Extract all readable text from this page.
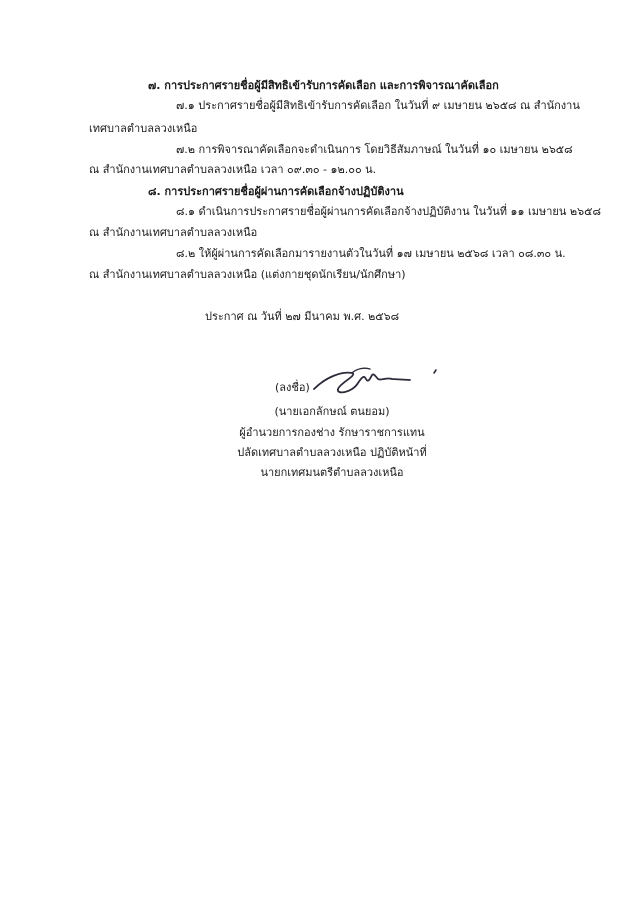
๗. การประกาศรายชื่อผู้มีสิทธิเข้ารับการคัดเลือก และการพิจารณาคัดเลือก
๗.๑ ประกาศรายชื่อผู้มีสิทธิเข้ารับการคัดเลือก ในวันที่ ๙ เมษายน ๒๖๕๘ ณ สำนักงาน
เทศบาลตำบลลวงเหนือ
๗.๒ การพิจารณาคัดเลือกจะดำเนินการ โดยวิธีสัมภาษณ์ ในวันที่ ๑๐ เมษายน ๒๖๕๘
ณ สำนักงานเทศบาลตำบลลวงเหนือ เวลา ๐๙.๓๐ - ๑๒.๐๐ น.
๘. การประกาศรายชื่อผู้ผ่านการคัดเลือกจ้างปฏิบัติงาน
๘.๑ ดำเนินการประกาศรายชื่อผู้ผ่านการคัดเลือกจ้างปฏิบัติงาน ในวันที่ ๑๑ เมษายน ๒๖๕๘
ณ สำนักงานเทศบาลตำบลลวงเหนือ
๘.๒ ให้ผู้ผ่านการคัดเลือกมารายงานตัวในวันที่ ๑๗ เมษายน ๒๕๖๘ เวลา ๐๘.๓๐ น.
ณ สำนักงานเทศบาลตำบลลวงเหนือ (แต่งกายชุดนักเรียน/นักศึกษา)
ประกาศ ณ วันที่ ๒๗ มีนาคม พ.ศ. ๒๕๖๘
(ลงชื่อ)
(นายเอกลักษณ์ ตนยอม)
ผู้อำนวยการกองช่าง รักษาราชการแทน
ปลัดเทศบาลตำบลลวงเหนือ ปฏิบัติหน้าที่
นายกเทศมนตรีตำบลลวงเหนือ
